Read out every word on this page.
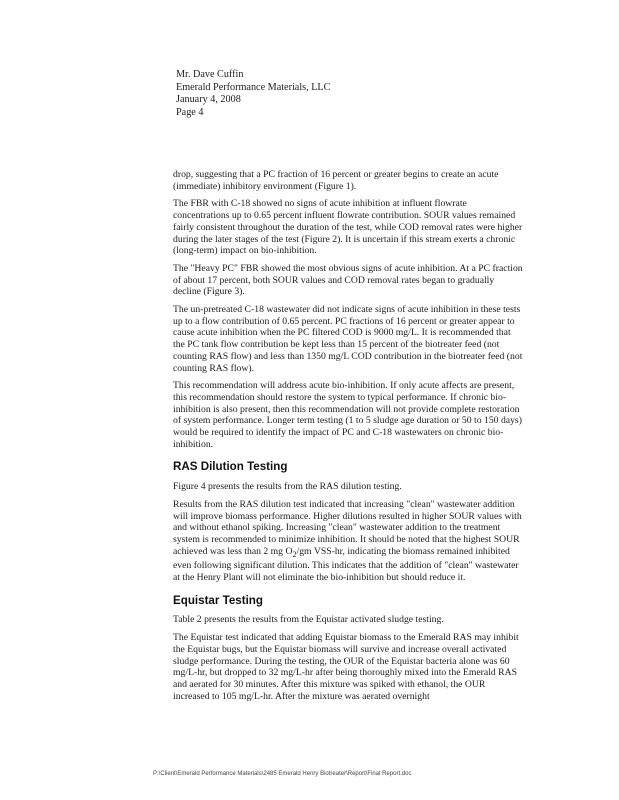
Mr. Dave Cuffin
Emerald Performance Materials, LLC
January 4, 2008
Page 4

drop, suggesting that a PC fraction of 16 percent or greater begins to create an acute (immediate) inhibitory environment (Figure 1).

The FBR with C-18 showed no signs of acute inhibition at influent flowrate concentrations up to 0.65 percent influent flowrate contribution. SOUR values remained fairly consistent throughout the duration of the test, while COD removal rates were higher during the later stages of the test (Figure 2). It is uncertain if this stream exerts a chronic (long-term) impact on bio-inhibition.

The "Heavy PC" FBR showed the most obvious signs of acute inhibition. At a PC fraction of about 17 percent, both SOUR values and COD removal rates began to gradually decline (Figure 3).

The un-pretreated C-18 wastewater did not indicate signs of acute inhibition in these tests up to a flow contribution of 0.65 percent. PC fractions of 16 percent or greater appear to cause acute inhibition when the PC filtered COD is 9000 mg/L. It is recommended that the PC tank flow contribution be kept less than 15 percent of the biotreater feed (not counting RAS flow) and less than 1350 mg/L COD contribution in the biotreater feed (not counting RAS flow).

This recommendation will address acute bio-inhibition. If only acute affects are present, this recommendation should restore the system to typical performance. If chronic bio-inhibition is also present, then this recommendation will not provide complete restoration of system performance. Longer term testing (1 to 5 sludge age duration or 50 to 150 days) would be required to identify the impact of PC and C-18 wastewaters on chronic bio-inhibition.

RAS Dilution Testing

Figure 4 presents the results from the RAS dilution testing.

Results from the RAS dilution test indicated that increasing "clean" wastewater addition will improve biomass performance. Higher dilutions resulted in higher SOUR values with and without ethanol spiking. Increasing "clean" wastewater addition to the treatment system is recommended to minimize inhibition. It should be noted that the highest SOUR achieved was less than 2 mg $O_2/gm$ VSS-hr, indicating the biomass remained inhibited even following significant dilution. This indicates that the addition of "clean" wastewater at the Henry Plant will not eliminate the bio-inhibition but should reduce it.

Equistar Testing

Table 2 presents the results from the Equistar activated sludge testing.

The Equistar test indicated that adding Equistar biomass to the Emerald RAS may inhibit the Equistar bugs, but the Equistar biomass will survive and increase overall activated sludge performance. During the testing, the OUR of the Equistar bacteria alone was 60 mg/L-hr, but dropped to 32 mg/L-hr after being thoroughly mixed into the Emerald RAS and aerated for 30 minutes. After this mixture was spiked with ethanol, the OUR increased to 105 mg/L-hr. After the mixture was aerated overnight

P:\Client\Emerald Performance Materials\2485 Emerald Henry Biotreater\Report\Final Report.doc
